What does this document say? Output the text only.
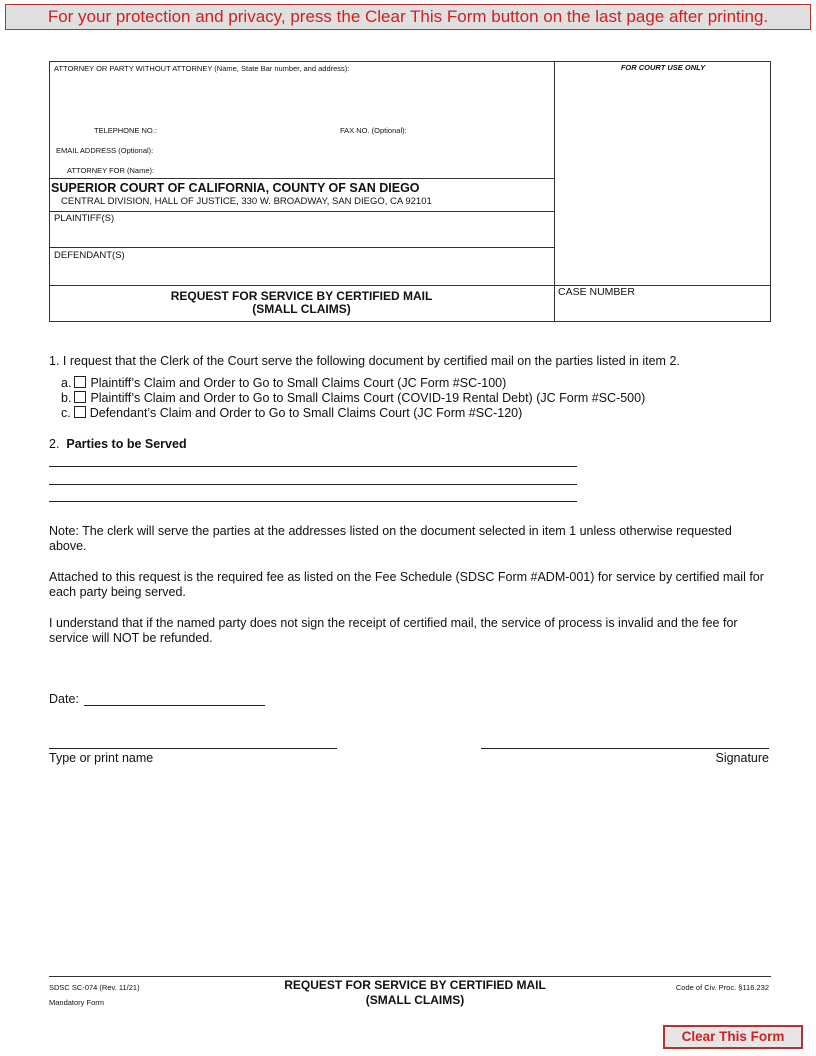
For your protection and privacy, press the Clear This Form button on the last page after printing.
ATTORNEY OR PARTY WITHOUT ATTORNEY (Name, State Bar number, and address):
TELEPHONE NO.:	FAX NO. (Optional):
EMAIL ADDRESS (Optional):
ATTORNEY FOR (Name):
SUPERIOR COURT OF CALIFORNIA, COUNTY OF SAN DIEGO
CENTRAL DIVISION, HALL OF JUSTICE, 330 W. BROADWAY, SAN DIEGO, CA 92101
PLAINTIFF(S)
DEFENDANT(S)
FOR COURT USE ONLY
REQUEST FOR SERVICE BY CERTIFIED MAIL
(SMALL CLAIMS)
CASE NUMBER
1. I request that the Clerk of the Court serve the following document by certified mail on the parties listed in item 2.
a. Plaintiff’s Claim and Order to Go to Small Claims Court (JC Form #SC-100)
b. Plaintiff’s Claim and Order to Go to Small Claims Court (COVID-19 Rental Debt) (JC Form #SC-500)
c. Defendant’s Claim and Order to Go to Small Claims Court (JC Form #SC-120)
2. Parties to be Served
Note: The clerk will serve the parties at the addresses listed on the document selected in item 1 unless otherwise requested above.
Attached to this request is the required fee as listed on the Fee Schedule (SDSC Form #ADM-001) for service by certified mail for each party being served.
I understand that if the named party does not sign the receipt of certified mail, the service of process is invalid and the fee for service will NOT be refunded.
Date:
Type or print name	Signature
SDSC SC-074 (Rev. 11/21)
Mandatory Form
REQUEST FOR SERVICE BY CERTIFIED MAIL
(SMALL CLAIMS)
Code of Civ. Proc. §116.232
Clear This Form
